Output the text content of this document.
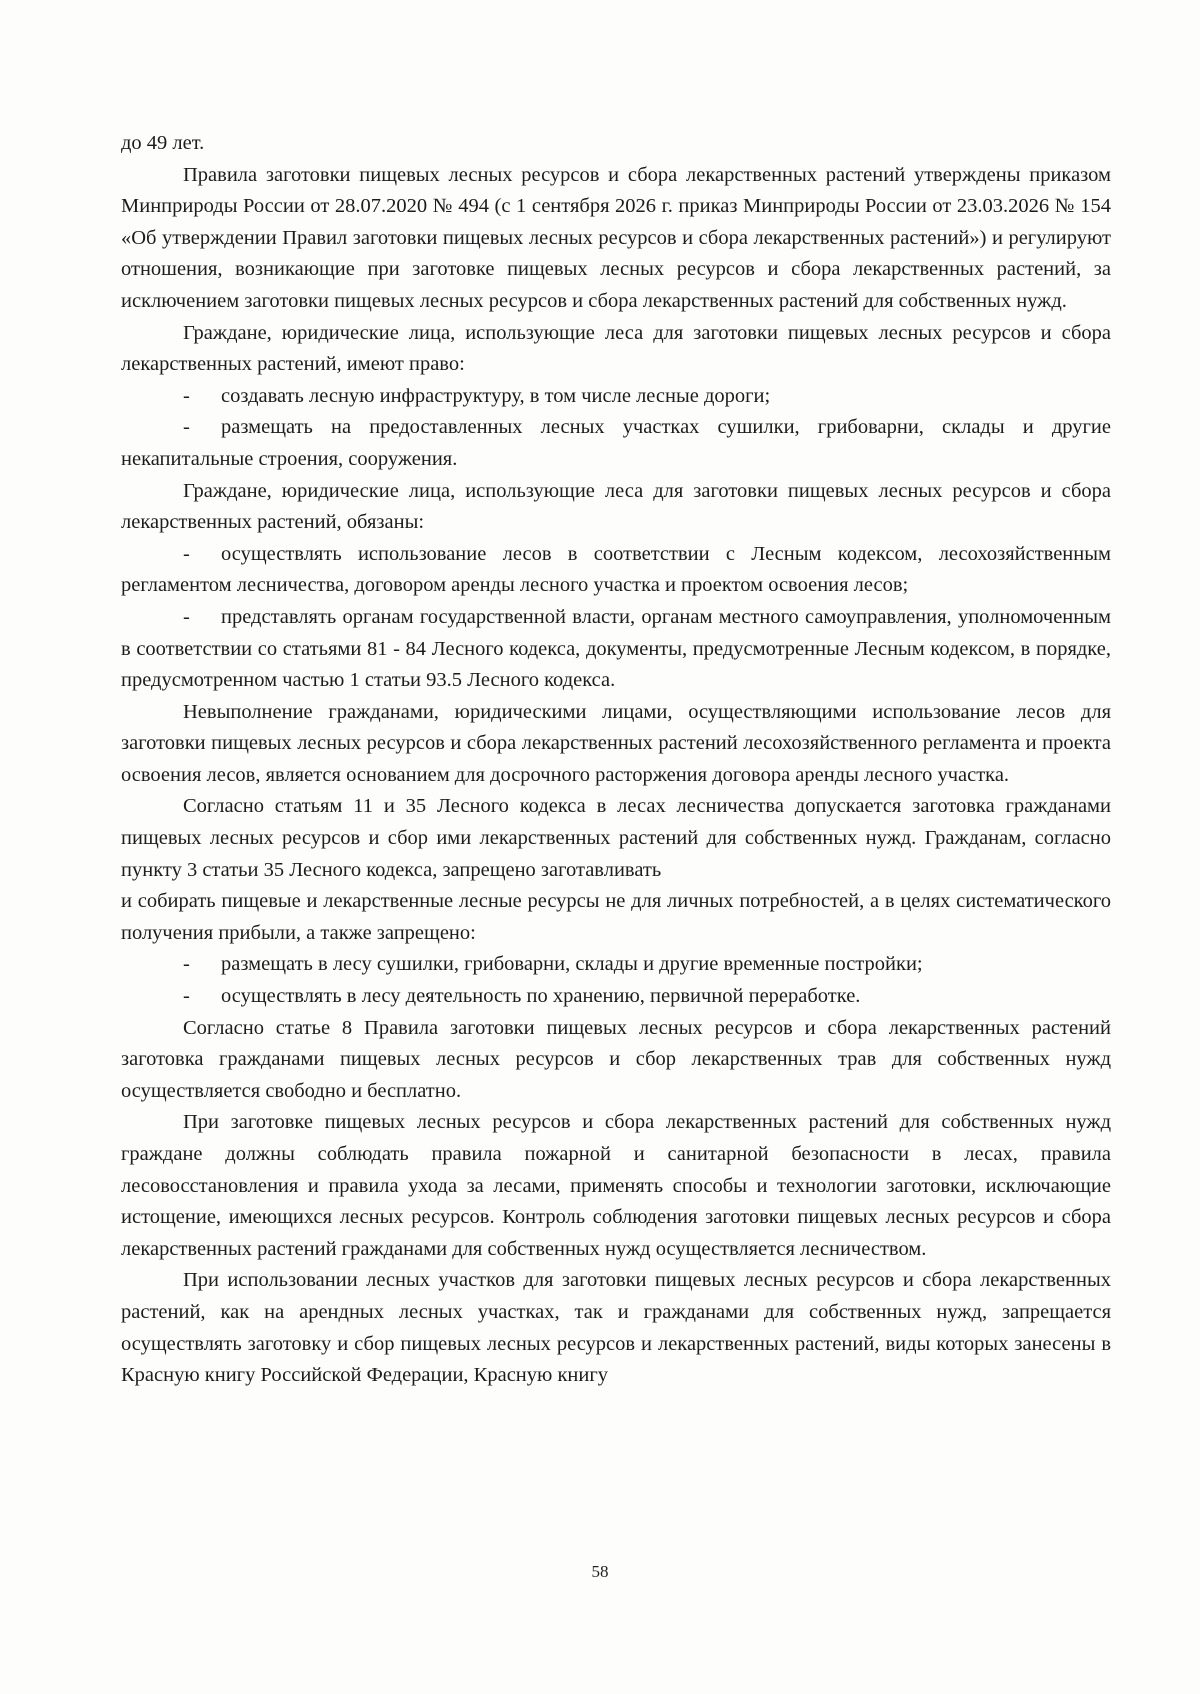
до 49 лет.

Правила заготовки пищевых лесных ресурсов и сбора лекарственных растений утверждены приказом Минприроды России от 28.07.2020 № 494 (с 1 сентября 2026 г. приказ Минприроды России от 23.03.2026 № 154 «Об утверждении Правил заготовки пищевых лесных ресурсов и сбора лекарственных растений») и регулируют отношения, возникающие при заготовке пищевых лесных ресурсов и сбора лекарственных растений, за исключением заготовки пищевых лесных ресурсов и сбора лекарственных растений для собственных нужд.

Граждане, юридические лица, использующие леса для заготовки пищевых лесных ресурсов и сбора лекарственных растений, имеют право:

- создавать лесную инфраструктуру, в том числе лесные дороги;

- размещать на предоставленных лесных участках сушилки, грибоварни, склады и другие некапитальные строения, сооружения.

Граждане, юридические лица, использующие леса для заготовки пищевых лесных ресурсов и сбора лекарственных растений, обязаны:

- осуществлять использование лесов в соответствии с Лесным кодексом, лесохозяйственным регламентом лесничества, договором аренды лесного участка и проектом освоения лесов;

- представлять органам государственной власти, органам местного самоуправления, уполномоченным в соответствии со статьями 81 - 84 Лесного кодекса, документы, предусмотренные Лесным кодексом, в порядке, предусмотренном частью 1 статьи 93.5 Лесного кодекса.

Невыполнение гражданами, юридическими лицами, осуществляющими использование лесов для заготовки пищевых лесных ресурсов и сбора лекарственных растений лесохозяйственного регламента и проекта освоения лесов, является основанием для досрочного расторжения договора аренды лесного участка.

Согласно статьям 11 и 35 Лесного кодекса в лесах лесничества допускается заготовка гражданами пищевых лесных ресурсов и сбор ими лекарственных растений для собственных нужд. Гражданам, согласно пункту 3 статьи 35 Лесного кодекса, запрещено заготавливать

и собирать пищевые и лекарственные лесные ресурсы не для личных потребностей, а в целях систематического получения прибыли, а также запрещено:

- размещать в лесу сушилки, грибоварни, склады и другие временные постройки;

- осуществлять в лесу деятельность по хранению, первичной переработке.

Согласно статье 8 Правила заготовки пищевых лесных ресурсов и сбора лекарственных растений заготовка гражданами пищевых лесных ресурсов и сбор лекарственных трав для собственных нужд осуществляется свободно и бесплатно.

При заготовке пищевых лесных ресурсов и сбора лекарственных растений для собственных нужд граждане должны соблюдать правила пожарной и санитарной безопасности в лесах, правила лесовосстановления и правила ухода за лесами, применять способы и технологии заготовки, исключающие истощение, имеющихся лесных ресурсов. Контроль соблюдения заготовки пищевых лесных ресурсов и сбора лекарственных растений гражданами для собственных нужд осуществляется лесничеством.

При использовании лесных участков для заготовки пищевых лесных ресурсов и сбора лекарственных растений, как на арендных лесных участках, так и гражданами для собственных нужд, запрещается осуществлять заготовку и сбор пищевых лесных ресурсов и лекарственных растений, виды которых занесены в Красную книгу Российской Федерации, Красную книгу

58
